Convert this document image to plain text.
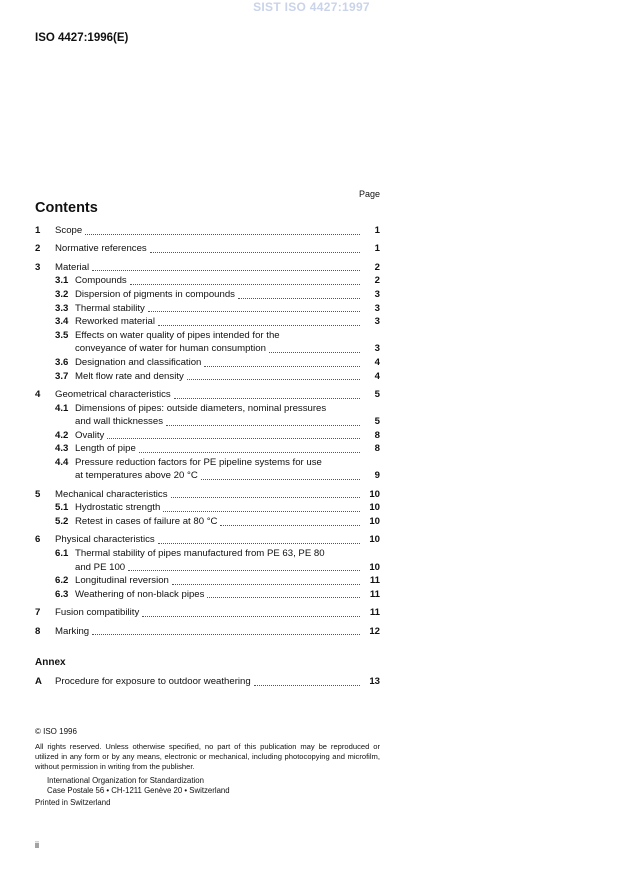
SIST ISO 4427:1997
ISO 4427:1996(E)
Page
Contents
1	Scope	1
2	Normative references	1
3	Material	2
3.1 Compounds	2
3.2 Dispersion of pigments in compounds	3
3.3 Thermal stability	3
3.4 Reworked material	3
3.5 Effects on water quality of pipes intended for the
conveyance of water for human consumption	3
3.6 Designation and classification	4
3.7 Melt flow rate and density	4
4	Geometrical characteristics	5
4.1 Dimensions of pipes: outside diameters, nominal pressures
and wall thicknesses	5
4.2 Ovality	8
4.3 Length of pipe	8
4.4 Pressure reduction factors for PE pipeline systems for use
at temperatures above 20 °C	9
5	Mechanical characteristics	10
5.1 Hydrostatic strength	10
5.2 Retest in cases of failure at 80 °C	10
6	Physical characteristics	10
6.1 Thermal stability of pipes manufactured from PE 63, PE 80
and PE 100	10
6.2 Longitudinal reversion	11
6.3 Weathering of non-black pipes	11
7	Fusion compatibility	11
8	Marking	12
Annex
A	Procedure for exposure to outdoor weathering	13
© ISO 1996
All rights reserved. Unless otherwise specified, no part of this publication may be reproduced or utilized in any form or by any means, electronic or mechanical, including photocopying and microfilm, without permission in writing from the publisher.
International Organization for Standardization
Case Postale 56 • CH-1211 Genève 20 • Switzerland
Printed in Switzerland
ii
